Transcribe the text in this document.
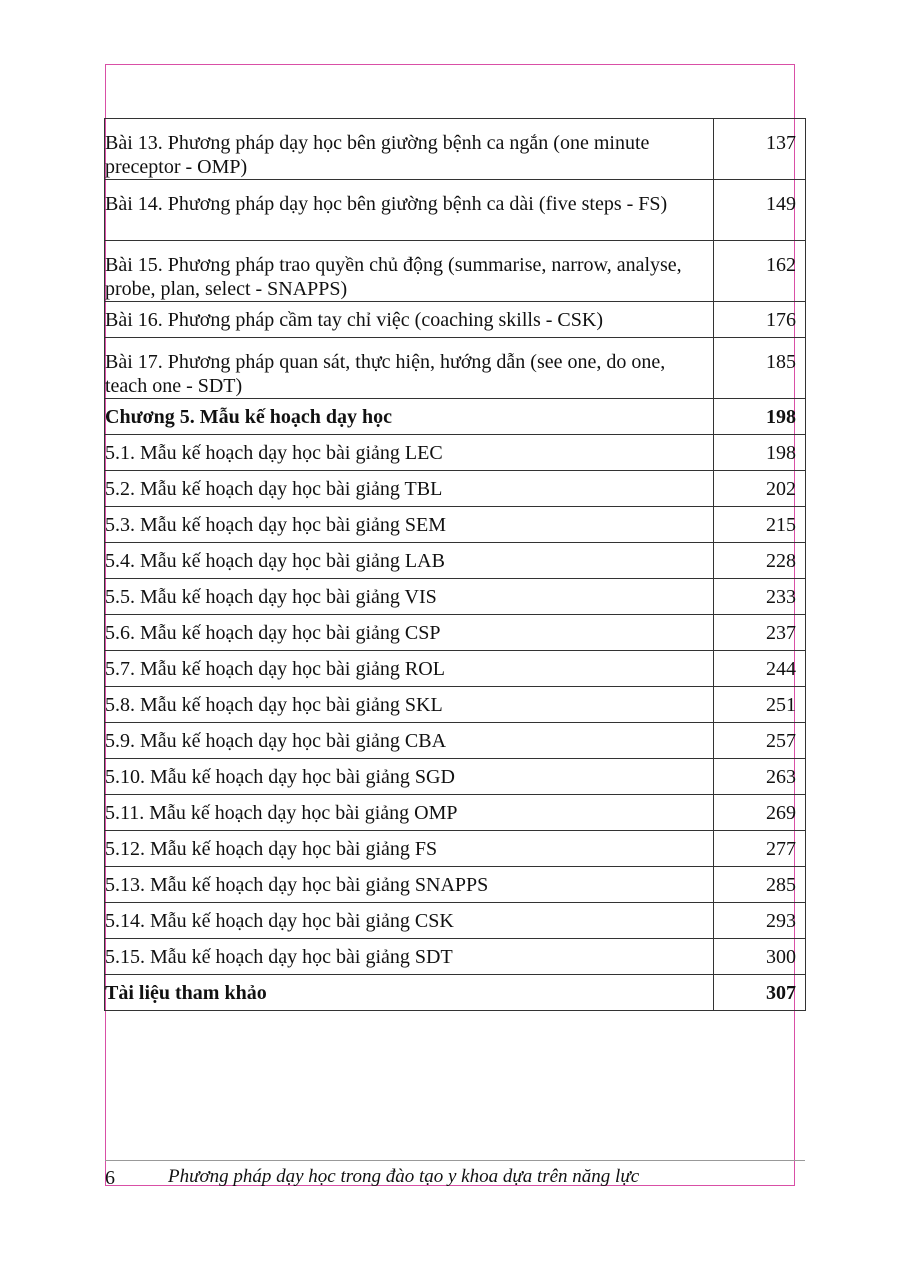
Bài 13. Phương pháp dạy học bên giường bệnh ca ngắn (one minute preceptor - OMP)	137
Bài 14. Phương pháp dạy học bên giường bệnh ca dài (five steps - FS)	149
Bài 15. Phương pháp trao quyền chủ động (summarise, narrow, analyse, probe, plan, select - SNAPPS)	162
Bài 16. Phương pháp cầm tay chỉ việc (coaching skills - CSK)	176
Bài 17. Phương pháp quan sát, thực hiện, hướng dẫn (see one, do one, teach one - SDT)	185
Chương 5. Mẫu kế hoạch dạy học	198
5.1. Mẫu kế hoạch dạy học bài giảng LEC	198
5.2. Mẫu kế hoạch dạy học bài giảng TBL	202
5.3. Mẫu kế hoạch dạy học bài giảng SEM	215
5.4. Mẫu kế hoạch dạy học bài giảng LAB	228
5.5. Mẫu kế hoạch dạy học bài giảng VIS	233
5.6. Mẫu kế hoạch dạy học bài giảng CSP	237
5.7. Mẫu kế hoạch dạy học bài giảng ROL	244
5.8. Mẫu kế hoạch dạy học bài giảng SKL	251
5.9. Mẫu kế hoạch dạy học bài giảng CBA	257
5.10. Mẫu kế hoạch dạy học bài giảng SGD	263
5.11. Mẫu kế hoạch dạy học bài giảng OMP	269
5.12. Mẫu kế hoạch dạy học bài giảng FS	277
5.13. Mẫu kế hoạch dạy học bài giảng SNAPPS	285
5.14. Mẫu kế hoạch dạy học bài giảng CSK	293
5.15. Mẫu kế hoạch dạy học bài giảng SDT	300
Tài liệu tham khảo	307
6	Phương pháp dạy học trong đào tạo y khoa dựa trên năng lực
